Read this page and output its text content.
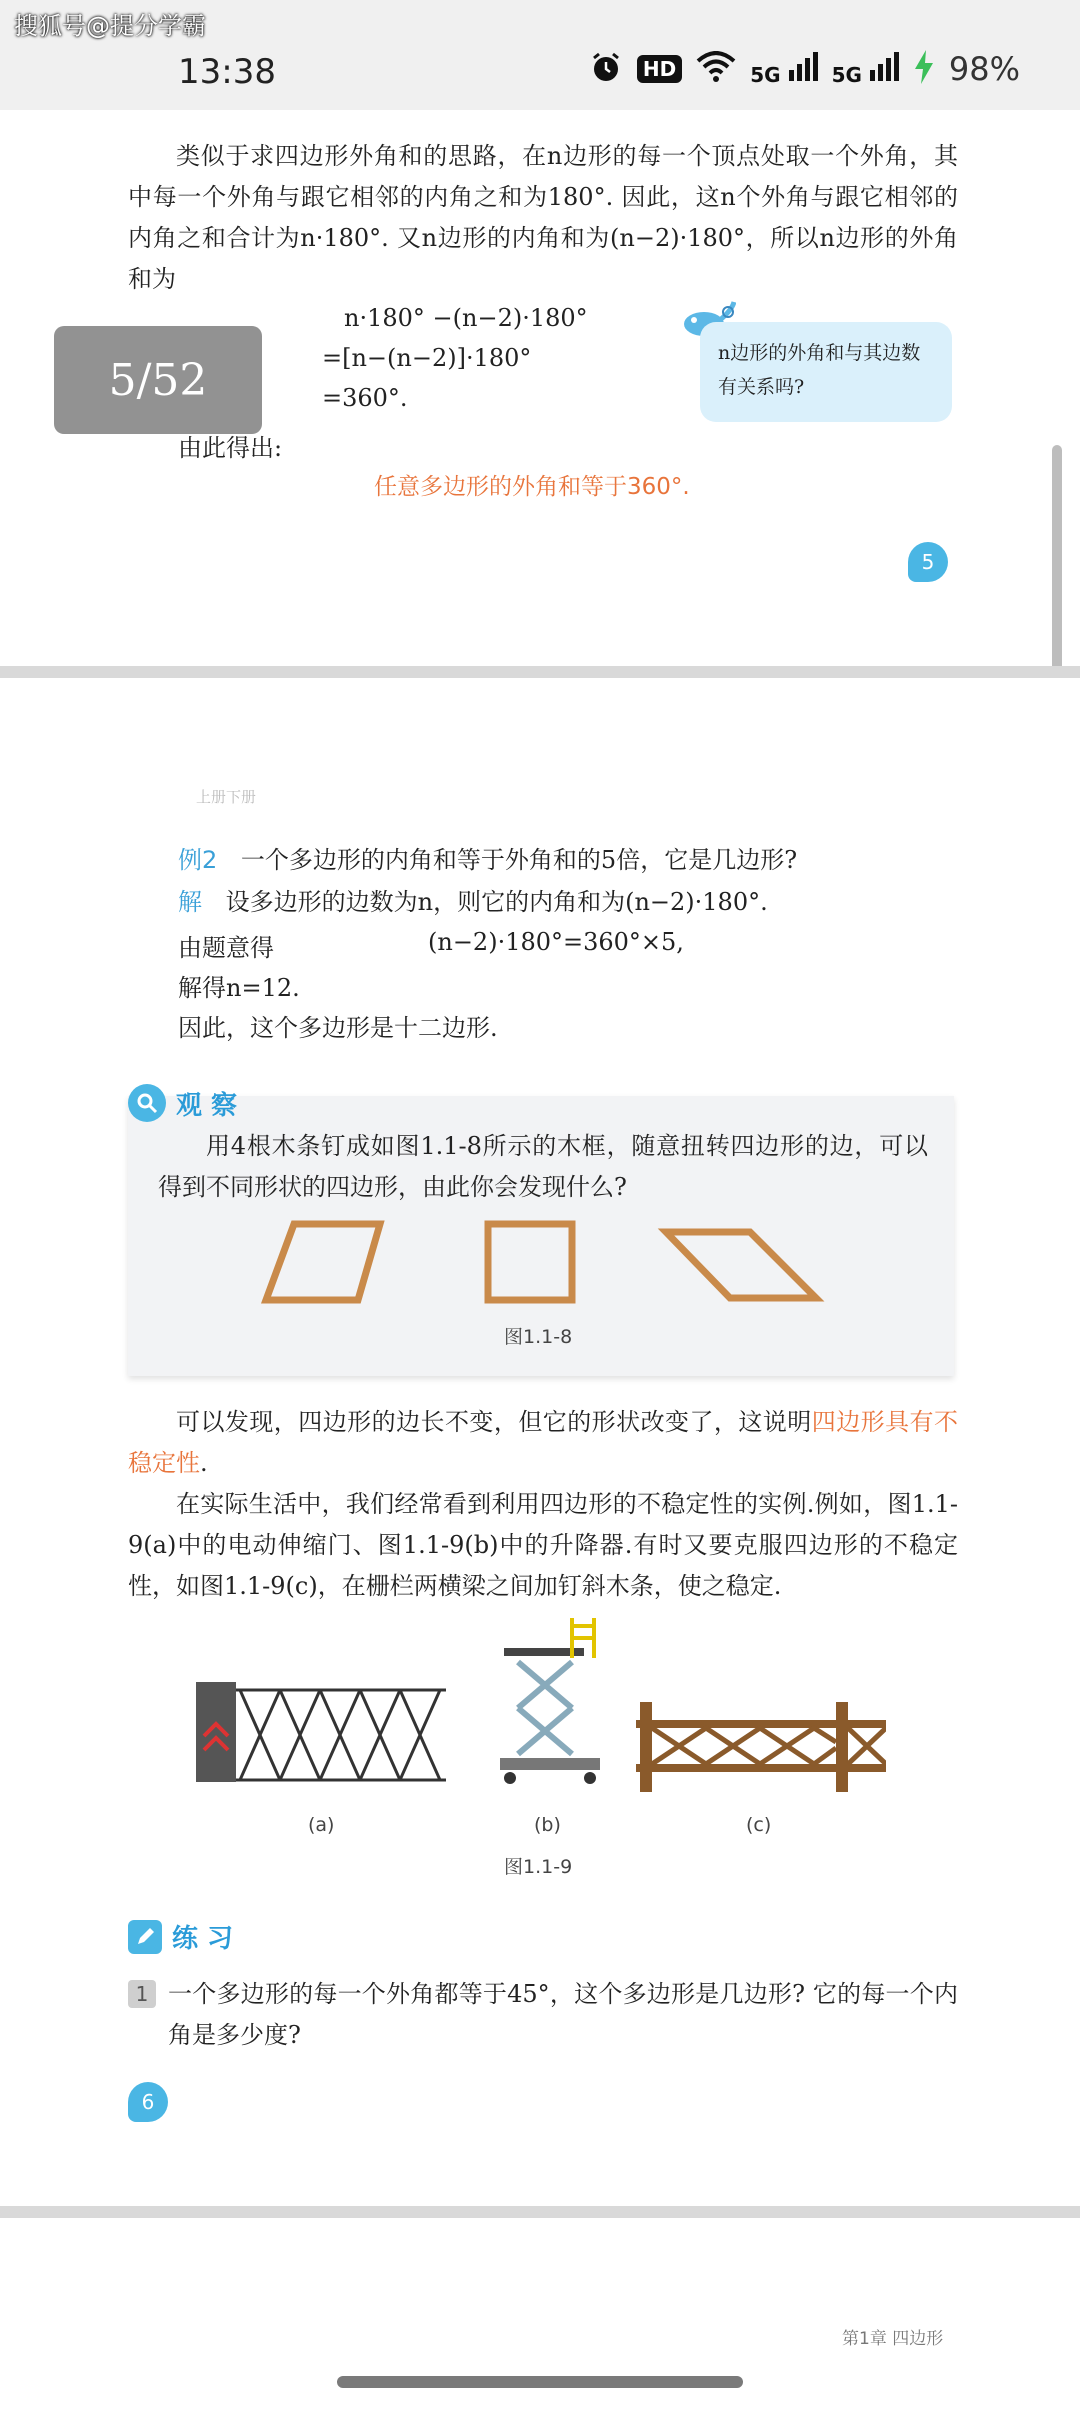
搜狐号@提分学霸
13:38	HD	5G	5G	98%
类似于求四边形外角和的思路，在n边形的每一个顶点处取一个外角，其中每一个外角与跟它相邻的内角之和为180°. 因此，这n个外角与跟它相邻的内角之和合计为n·180°. 又n边形的内角和为(n−2)·180°，所以n边形的外角和为
n·180° −(n−2)·180°
=[n−(n−2)]·180°
=360°.
由此得出:
任意多边形的外角和等于360°.
5
n边形的外角和与其边数有关系吗?
5/52
上册下册
例2 一个多边形的内角和等于外角和的5倍，它是几边形?
解 设多边形的边数为n，则它的内角和为(n−2)·180°.
由题意得	(n−2)·180°=360°×5,
解得n=12.
因此，这个多边形是十二边形.
观 察
用4根木条钉成如图1.1-8所示的木框，随意扭转四边形的边，可以得到不同形状的四边形，由此你会发现什么?
图1.1-8
可以发现，四边形的边长不变，但它的形状改变了，这说明四边形具有不稳定性.
在实际生活中，我们经常看到利用四边形的不稳定性的实例.例如，图1.1-9(a)中的电动伸缩门、图1.1-9(b)中的升降器.有时又要克服四边形的不稳定性，如图1.1-9(c)，在栅栏两横梁之间加钉斜木条，使之稳定.
(a)	(b)	(c)
图1.1-9
练 习
1 一个多边形的每一个外角都等于45°，这个多边形是几边形? 它的每一个内角是多少度?
6
第1章 四边形
